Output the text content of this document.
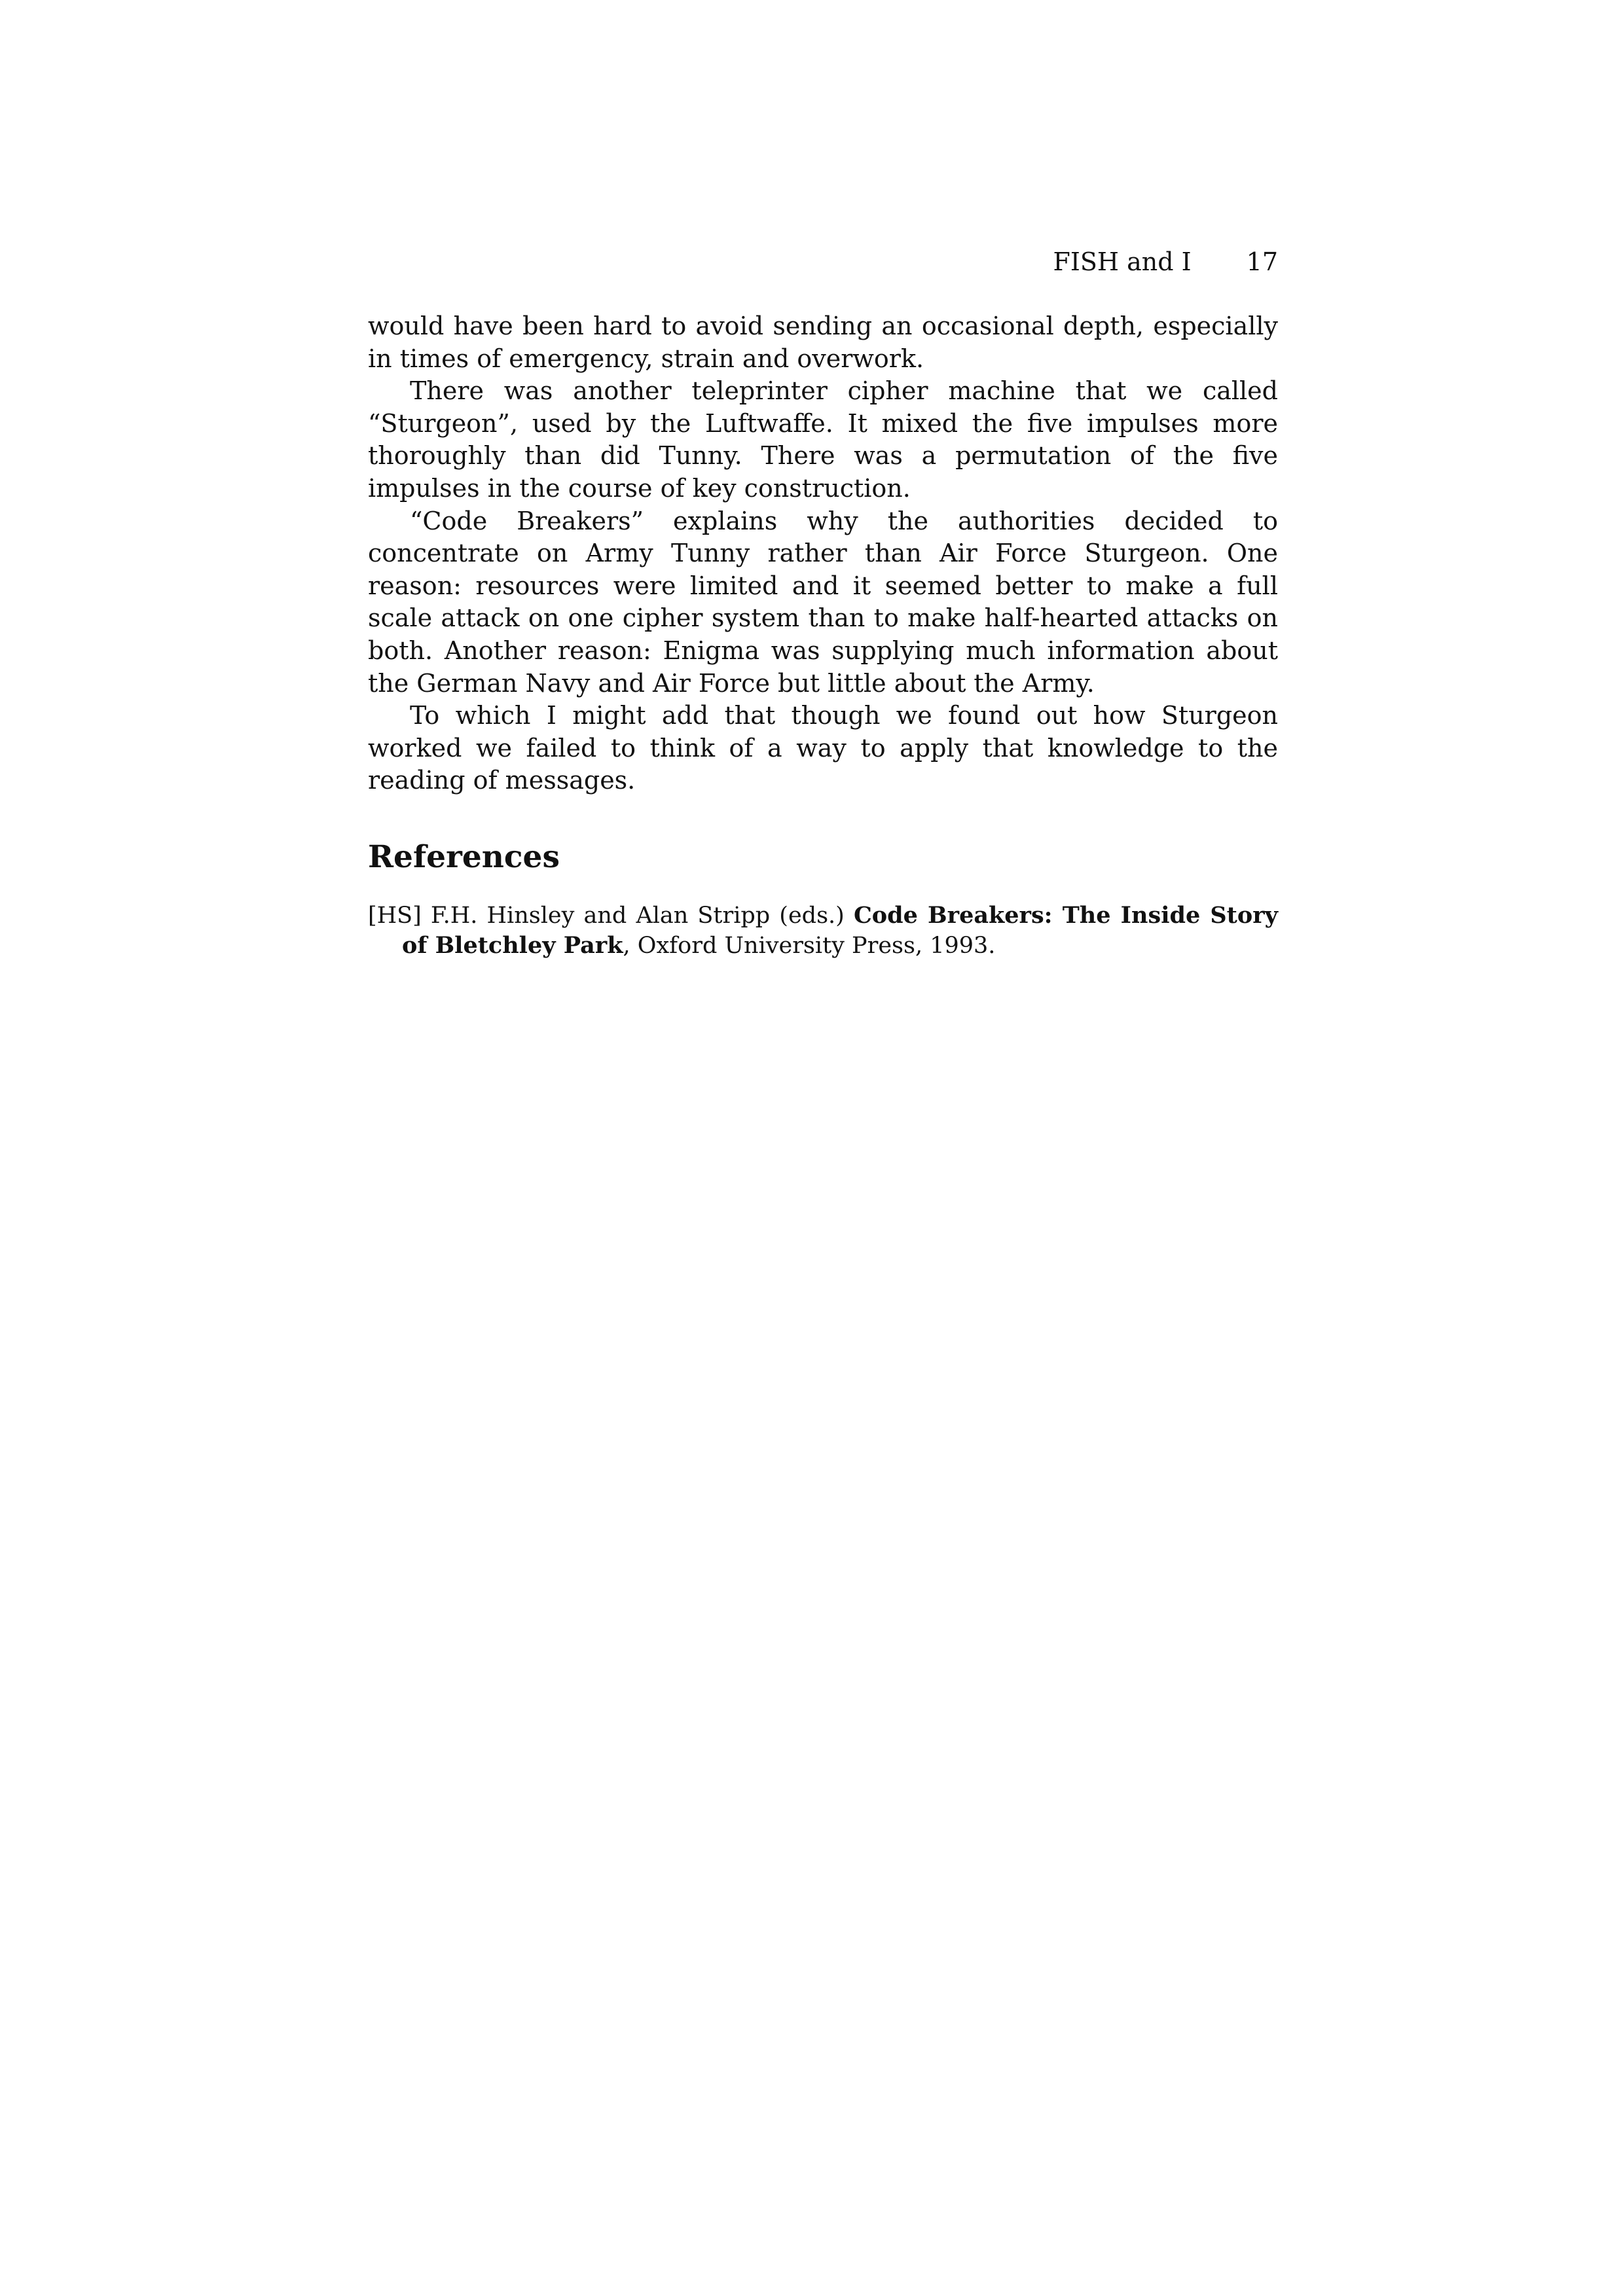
FISH and I 17

would have been hard to avoid sending an occasional depth, especially in times of emergency, strain and overwork.

There was another teleprinter cipher machine that we called “Sturgeon”, used by the Luftwaffe. It mixed the five impulses more thoroughly than did Tunny. There was a permutation of the five impulses in the course of key construction.

“Code Breakers” explains why the authorities decided to concentrate on Army Tunny rather than Air Force Sturgeon. One reason: resources were limited and it seemed better to make a full scale attack on one cipher system than to make half-hearted attacks on both. Another reason: Enigma was supplying much information about the German Navy and Air Force but little about the Army.

To which I might add that though we found out how Sturgeon worked we failed to think of a way to apply that knowledge to the reading of messages.

References
[HS] F.H. Hinsley and Alan Stripp (eds.) Code Breakers: The Inside Story of Bletchley Park, Oxford University Press, 1993.
